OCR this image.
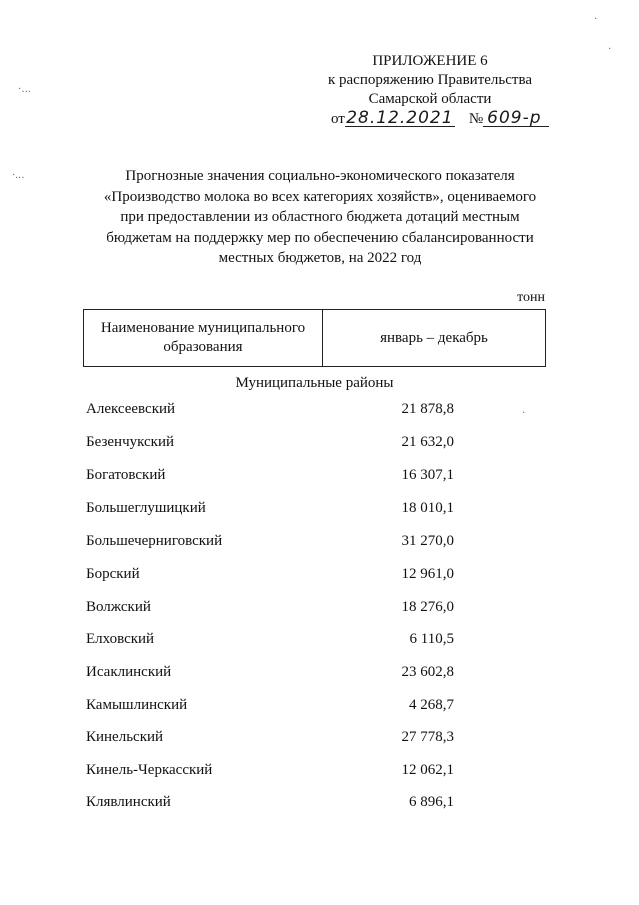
ПРИЛОЖЕНИЕ 6
к распоряжению Правительства
Самарской области
от28.12.2021 № 609-р
Прогнозные значения социально-экономического показателя
«Производство молока во всех категориях хозяйств», оцениваемого
при предоставлении из областного бюджета дотаций местным
бюджетам на поддержку мер по обеспечению сбалансированности
местных бюджетов, на 2022 год
тонн
Наименование муниципального
образования
январь – декабрь
Муниципальные районы
Алексеевский	21 878,8
Безенчукский	21 632,0
Богатовский	16 307,1
Большеглушицкий	18 010,1
Большечерниговский	31 270,0
Борский	12 961,0
Волжский	18 276,0
Елховский	6 110,5
Исаклинский	23 602,8
Камышлинский	4 268,7
Кинельский	27 778,3
Кинель-Черкасский	12 062,1
Клявлинский	6 896,1
·‥.
·.‥
·
·
·
